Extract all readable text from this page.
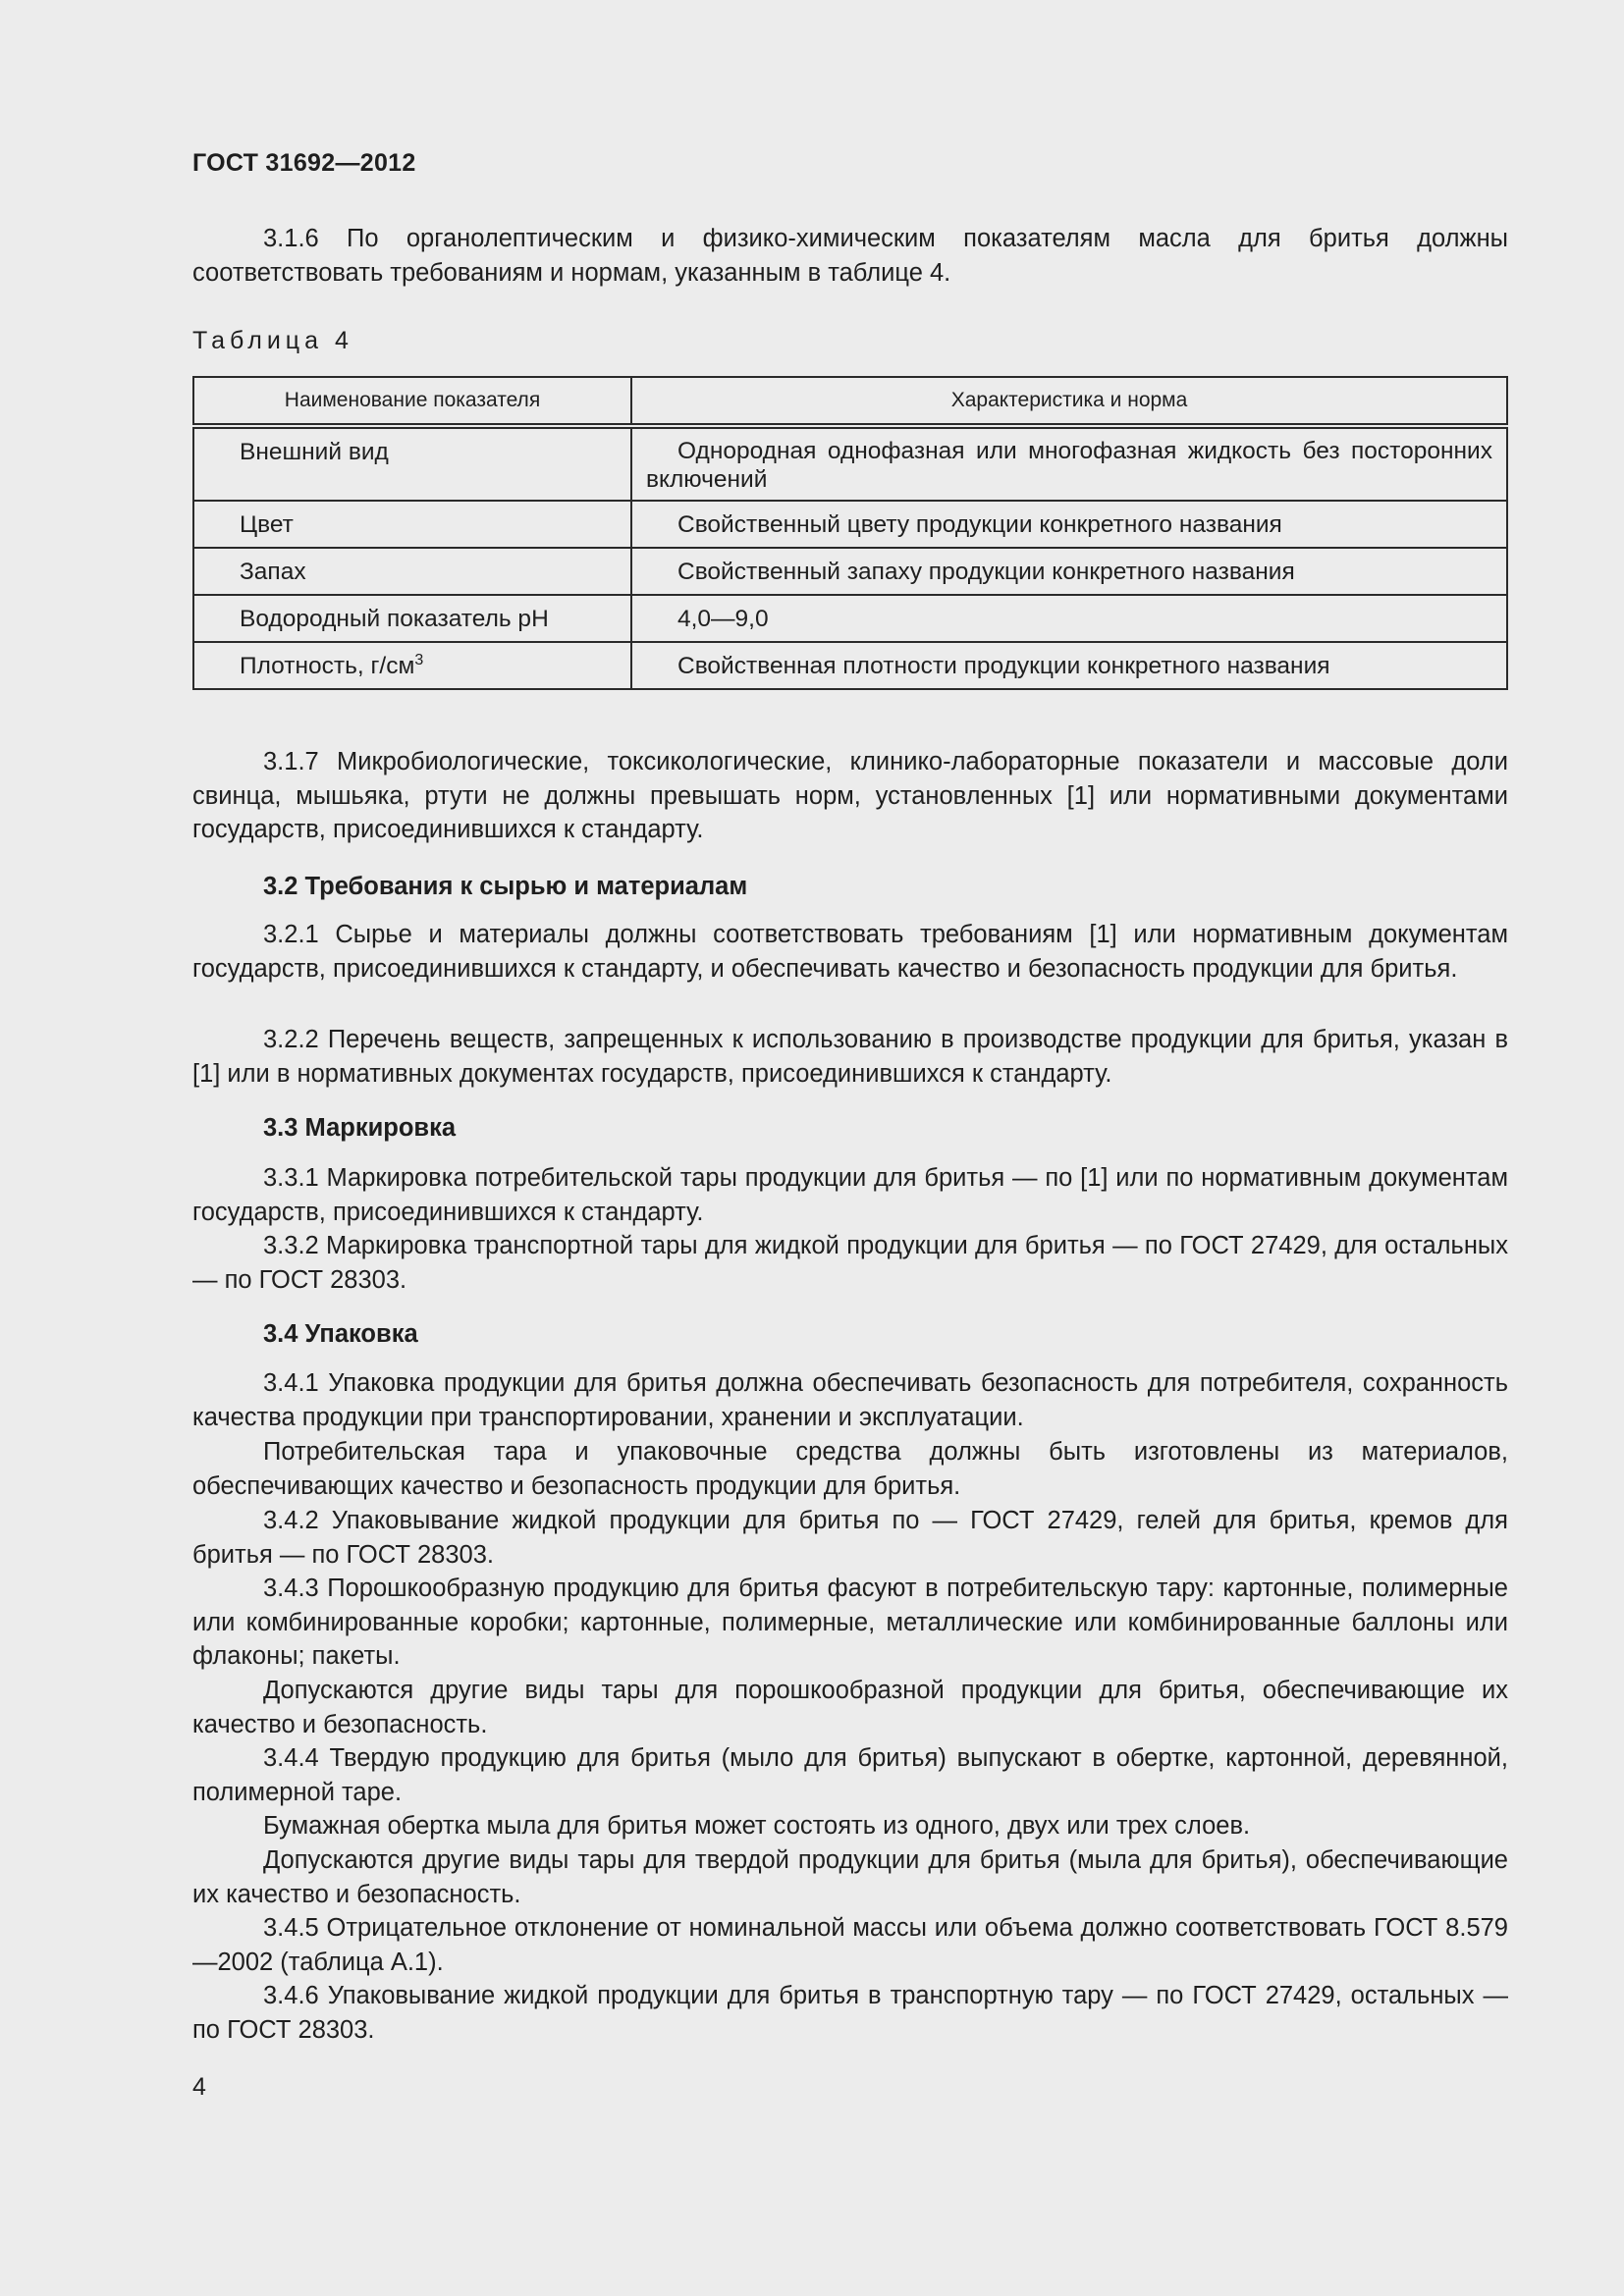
ГОСТ 31692—2012
3.1.6 По органолептическим и физико-химическим показателям масла для бритья должны соответствовать требованиям и нормам, указанным в таблице 4.
Таблица 4
Наименование показателя	Характеристика и норма
Внешний вид	Однородная однофазная или многофазная жидкость без посторонних включений
Цвет	Свойственный цвету продукции конкретного названия
Запах	Свойственный запаху продукции конкретного названия
Водородный показатель pH	4,0—9,0
Плотность, $г/см^3$	Свойственная плотности продукции конкретного названия
3.1.7 Микробиологические, токсикологические, клинико-лабораторные показатели и массовые доли свинца, мышьяка, ртути не должны превышать норм, установленных [1] или нормативными документами государств, присоединившихся к стандарту.
3.2 Требования к сырью и материалам
3.2.1 Сырье и материалы должны соответствовать требованиям [1] или нормативным документам государств, присоединившихся к стандарту, и обеспечивать качество и безопасность продукции для бритья.
3.2.2 Перечень веществ, запрещенных к использованию в производстве продукции для бритья, указан в [1] или в нормативных документах государств, присоединившихся к стандарту.
3.3 Маркировка
3.3.1 Маркировка потребительской тары продукции для бритья — по [1] или по нормативным документам государств, присоединившихся к стандарту.
3.3.2 Маркировка транспортной тары для жидкой продукции для бритья — по ГОСТ 27429, для остальных — по ГОСТ 28303.
3.4 Упаковка
3.4.1 Упаковка продукции для бритья должна обеспечивать безопасность для потребителя, сохранность качества продукции при транспортировании, хранении и эксплуатации.
Потребительская тара и упаковочные средства должны быть изготовлены из материалов, обеспечивающих качество и безопасность продукции для бритья.
3.4.2 Упаковывание жидкой продукции для бритья по — ГОСТ 27429, гелей для бритья, кремов для бритья — по ГОСТ 28303.
3.4.3 Порошкообразную продукцию для бритья фасуют в потребительскую тару: картонные, полимерные или комбинированные коробки; картонные, полимерные, металлические или комбинированные баллоны или флаконы; пакеты.
Допускаются другие виды тары для порошкообразной продукции для бритья, обеспечивающие их качество и безопасность.
3.4.4 Твердую продукцию для бритья (мыло для бритья) выпускают в обертке, картонной, деревянной, полимерной таре.
Бумажная обертка мыла для бритья может состоять из одного, двух или трех слоев.
Допускаются другие виды тары для твердой продукции для бритья (мыла для бритья), обеспечивающие их качество и безопасность.
3.4.5 Отрицательное отклонение от номинальной массы или объема должно соответствовать ГОСТ 8.579—2002 (таблица А.1).
3.4.6 Упаковывание жидкой продукции для бритья в транспортную тару — по ГОСТ 27429, остальных — по ГОСТ 28303.
4
